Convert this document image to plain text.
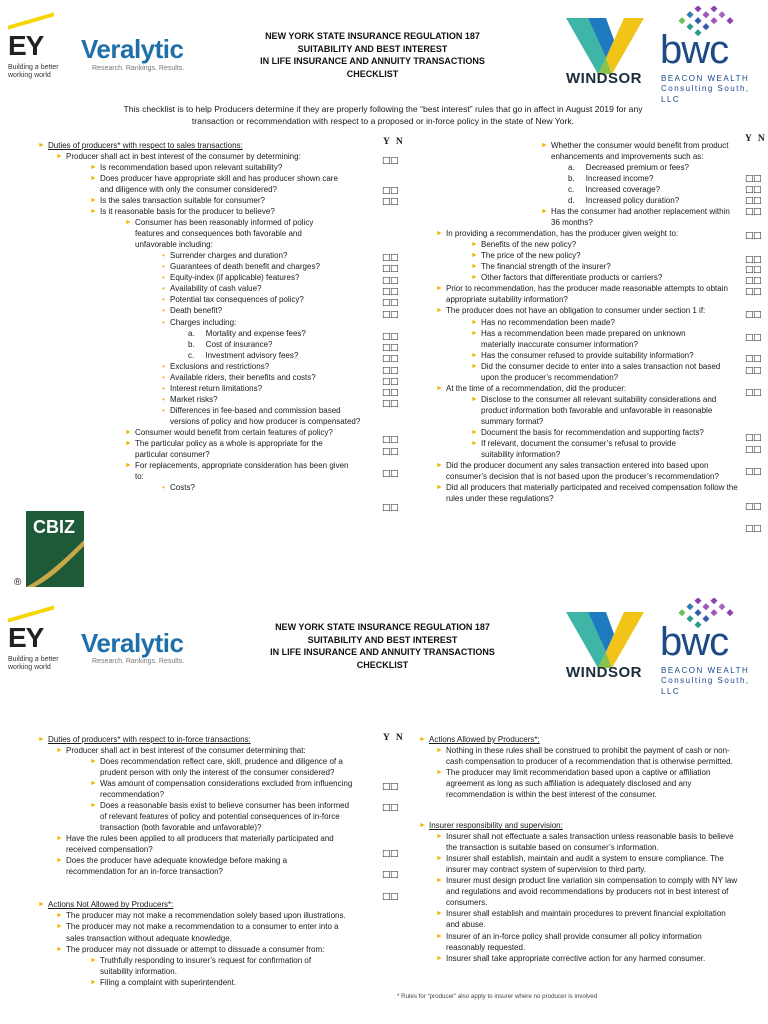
EY
Building a better
working world
Veralytic
Research. Rankings. Results.
NEW YORK STATE INSURANCE REGULATION 187
SUITABILITY AND BEST INTEREST
IN LIFE INSURANCE AND ANNUITY TRANSACTIONS
CHECKLIST	WINDSOR
bwc
BEACON WEALTH
Consulting South, LLC
This checklist is to help Producers determine if they are properly following the “best interest” rules that go in affect in August 2019 for any transaction or recommendation with respect to a proposed or in-force policy in the state of New York.
Y N
► Duties of producers* with respect to sales transactions:
► Producer shall act in best interest of the consumer by determining:
► Is recommendation based upon relevant suitability?
► Does producer have appropriate skill and has producer shown care and diligence with only the consumer considered?
► Is the sales transaction suitable for consumer?
► Is it reasonable basis for the producer to believe?
► Consumer has been reasonably informed of policy features and consequences both favorable and unfavorable including:
• Surrender charges and duration?
• Guarantees of death benefit and charges?
• Equity-index (if applicable) features?
• Availability of cash value?
• Potential tax consequences of policy?
• Death benefit?
• Charges including:
a. Mortality and expense fees?
b. Cost of insurance?
c. Investment advisory fees?
• Exclusions and restrictions?
• Available riders, their benefits and costs?
• Interest return limitations?
• Market risks?
• Differences in fee-based and commission based versions of policy and how producer is compensated?
► Consumer would benefit from certain features of policy?
► The particular policy as a whole is appropriate for the particular consumer?
► For replacements, appropriate consideration has been given to:
• Costs?
□□
□□
□□
□□
□□
□□
□□
□□
□□
□□
□□
□□
□□
□□
□□
□□
□□
□□
□□
□□
Y N
► Whether the consumer would benefit from product enhancements and improvements such as:
a. Decreased premium or fees?
b. Increased income?
c. Increased coverage?
d. Increased policy duration?
► Has the consumer had another replacement within 36 months?
► In providing a recommendation, has the producer given weight to:
► Benefits of the new policy?
► The price of the new policy?
► The financial strength of the insurer?
► Other factors that differentiate products or carriers?
► Prior to recommendation, has the producer made reasonable attempts to obtain appropriate suitability information?
► The producer does not have an obligation to consumer under section 1 if:
► Has no recommendation been made?
► Has a recommendation been made prepared on unknown materially inaccurate consumer information?
► Has the consumer refused to provide suitability information?
► Did the consumer decide to enter into a sales transaction not based upon the producer’s recommendation?
► At the time of a recommendation, did the producer:
► Disclose to the consumer all relevant suitability considerations and product information both favorable and unfavorable in reasonable summary format?
► Document the basis for recommendation and supporting facts?
► If relevant, document the consumer’s refusal to provide suitability information?
► Did the producer document any sales transaction entered into based upon consumer’s decision that is not based upon the producer’s recommendation?
► Did all producers that materially participated and received compensation follow the rules under these regulations?
□□
□□
□□
□□
□□
□□
□□
□□
□□
□□
□□
□□
□□
□□
□□
□□
□□
□□
□□
CBIZ
®
EY
Building a better
working world
Veralytic
Research. Rankings. Results.
NEW YORK STATE INSURANCE REGULATION 187
SUITABILITY AND BEST INTEREST
IN LIFE INSURANCE AND ANNUITY TRANSACTIONS
CHECKLIST	WINDSOR
bwc
BEACON WEALTH
Consulting South, LLC
Y N
► Duties of producers* with respect to in-force transactions:
► Producer shall act in best interest of the consumer determining that:
► Does recommendation reflect care, skill, prudence and diligence of a prudent person with only the interest of the consumer considered?
► Was amount of compensation considerations excluded from influencing recommendation?
► Does a reasonable basis exist to believe consumer has been informed of relevant features of policy and potential consequences of in-force transaction (both favorable and unfavorable)?
► Have the rules been applied to all producers that materially participated and received compensation?
► Does the producer have adequate knowledge before making a recommendation for an in-force transaction?
► Actions Not Allowed by Producers*:
► The producer may not make a recommendation solely based upon illustrations.
► The producer may not make a recommendation to a consumer to enter into a sales transaction without adequate knowledge.
► The producer may not dissuade or attempt to dissuade a consumer from:
► Truthfully responding to insurer’s request for confirmation of suitability information.
► Filing a complaint with superintendent.
□□
□□
□□
□□
□□
► Actions Allowed by Producers*:
► Nothing in these rules shall be construed to prohibit the payment of cash or non-cash compensation to producer of a recommendation that is otherwise permitted.
► The producer may limit recommendation based upon a captive or affiliation agreement as long as such affiliation is adequately disclosed and any recommendation is within the best interest of the consumer.
► Insurer responsibility and supervision:
► Insurer shall not effectuate a sales transaction unless reasonable basis to believe the transaction is suitable based on consumer’s information.
► Insurer shall establish, maintain and audit a system to ensure compliance. The insurer may contract system of supervision to third party.
► Insurer must design product line variation sin compensation to comply with NY law and regulations and avoid recommendations by producers not in best interest of consumers.
► Insurer shall establish and maintain procedures to prevent financial exploitation and abuse.
► Insurer of an in-force policy shall provide consumer all policy information reasonably requested.
► Insurer shall take appropriate corrective action for any harmed consumer.
* Rules for “producer” also apply to insurer where no producer is involved
